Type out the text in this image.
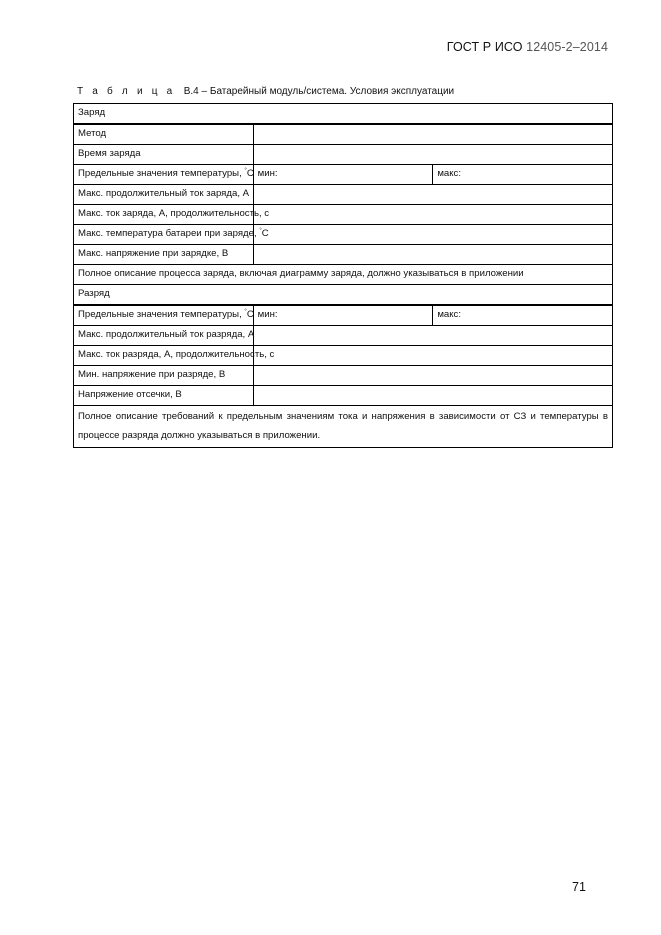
ГОСТ Р ИСО 12405-2–2014
Т а б л и ц а B.4 – Батарейный модуль/система. Условия эксплуатации
Заряд		
Метод		
Время заряда		
Предельные значения температуры, °С	мин:	макс:
Макс. продолжительный ток заряда, А		
Макс. ток заряда, А, продолжительность, с		
Макс. температура батареи при заряде, °С		
Макс. напряжение при зарядке, В		
Полное описание процесса заряда, включая диаграмму заряда, должно указываться в приложении		
Разряд		
Предельные значения температуры, °С	мин:	макс:
Макс. продолжительный ток разряда, А		
Макс. ток разряда, А, продолжительность, с		
Мин. напряжение при разряде, В		
Напряжение отсечки, В		
Полное описание требований к предельным значениям тока и напряжения в зависимости от СЗ и температуры в процессе разряда должно указываться в приложении.		
71
